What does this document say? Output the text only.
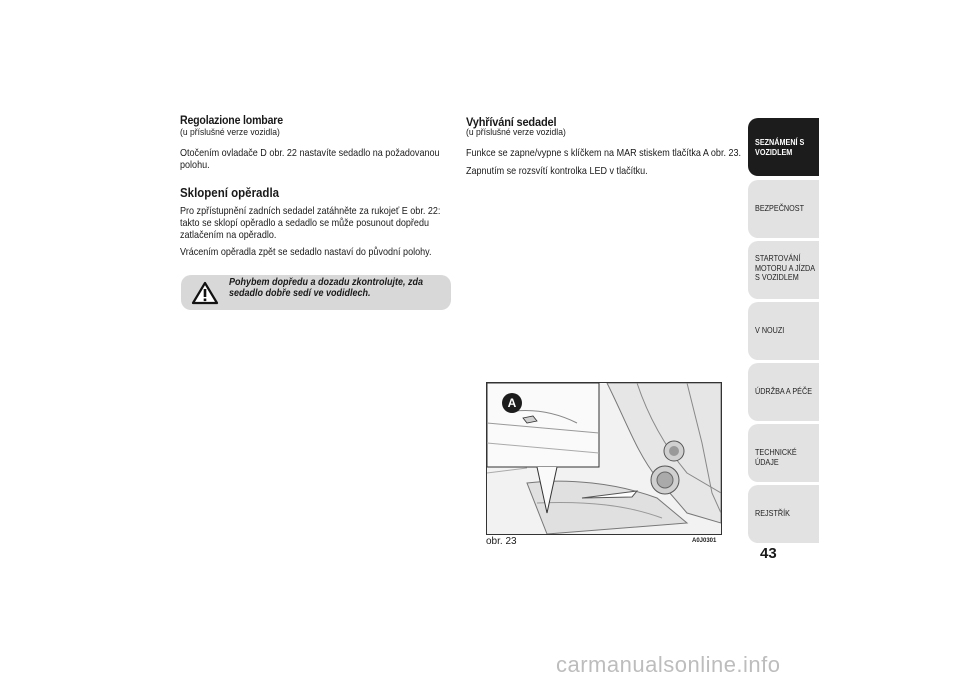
Regolazione lombare
(u příslušné verze vozidla)
Otočením ovladače D obr. 22 nastavíte sedadlo na požadovanou polohu.
Sklopení opěradla
Pro zpřístupnění zadních sedadel zatáhněte za rukojeť E obr. 22: takto se sklopí opěradlo a sedadlo se může posunout dopředu zatlačením na opěradlo.
Vrácením opěradla zpět se sedadlo nastaví do původní polohy.
Pohybem dopředu a dozadu zkontrolujte, zda sedadlo dobře sedí ve vodidlech.
Vyhřívání sedadel
(u příslušné verze vozidla)
Funkce se zapne/vypne s klíčkem na MAR stiskem tlačítka A obr. 23.
Zapnutím se rozsvítí kontrolka LED v tlačítku.
A
obr. 23	A0J0301
SEZNÁMENÍ S VOZIDLEM
BEZPEČNOST
STARTOVÁNÍ MOTORU A JÍZDA S VOZIDLEM
V NOUZI
ÚDRŽBA A PÉČE
TECHNICKÉ ÚDAJE
REJSTŘÍK
43
carmanualsonline.info
